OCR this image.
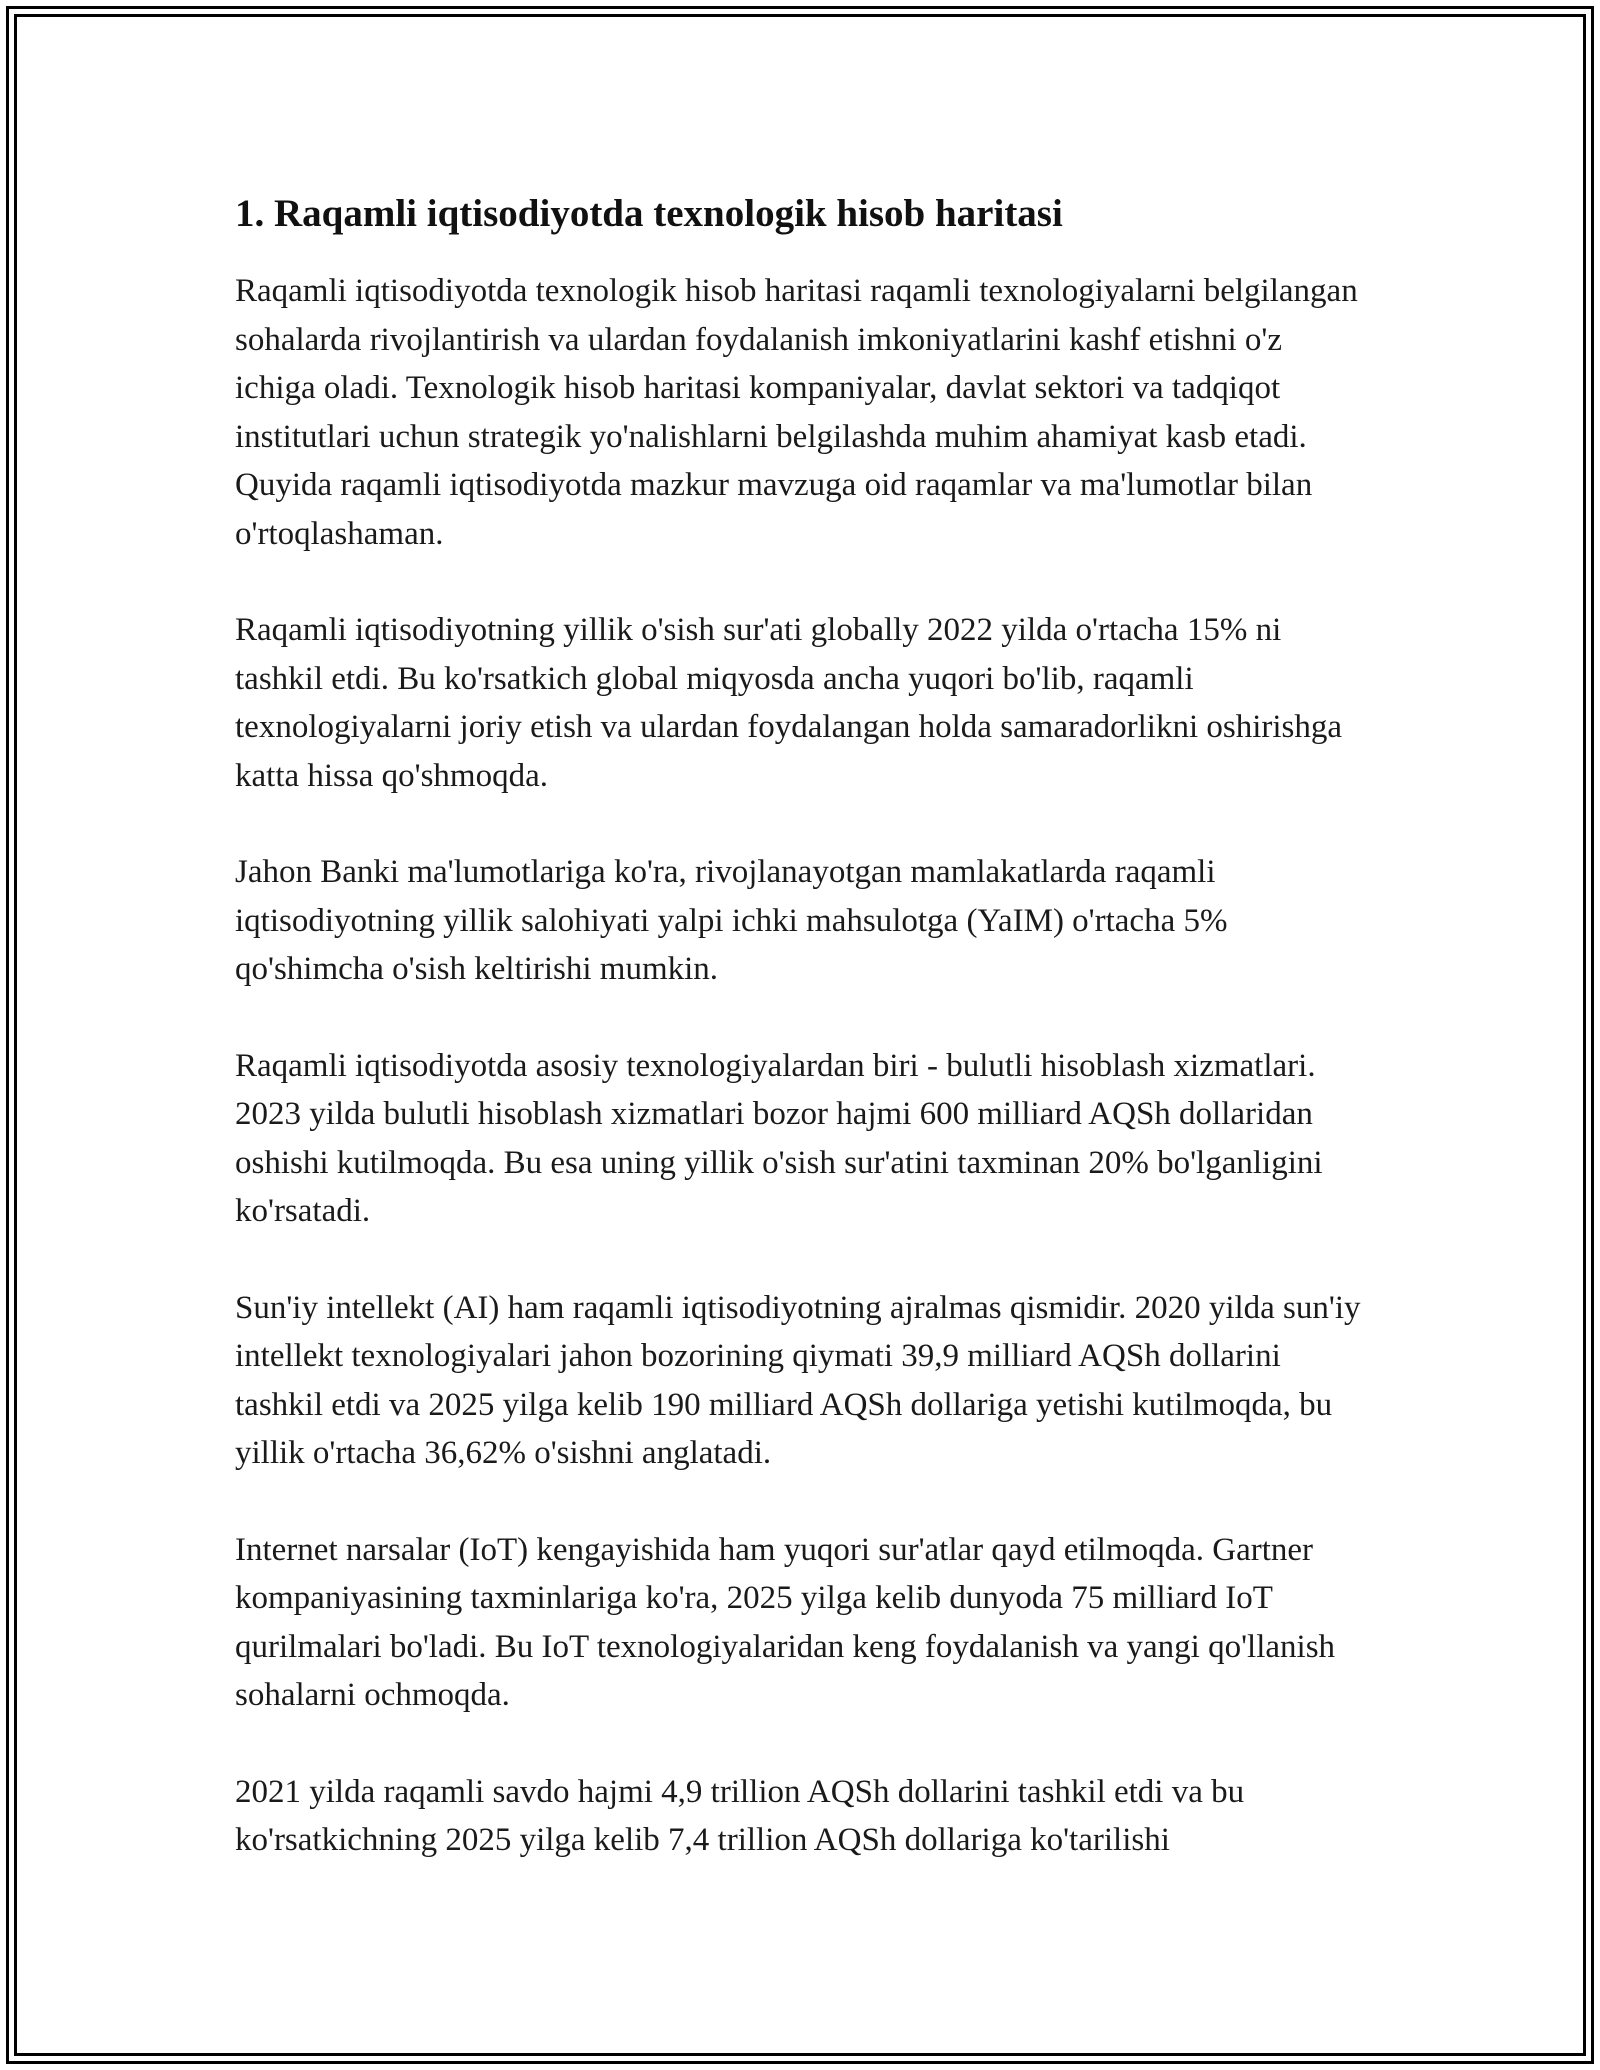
1. Raqamli iqtisodiyotda texnologik hisob haritasi

Raqamli iqtisodiyotda texnologik hisob haritasi raqamli texnologiyalarni belgilangan sohalarda rivojlantirish va ulardan foydalanish imkoniyatlarini kashf etishni o'z ichiga oladi. Texnologik hisob haritasi kompaniyalar, davlat sektori va tadqiqot institutlari uchun strategik yo'nalishlarni belgilashda muhim ahamiyat kasb etadi. Quyida raqamli iqtisodiyotda mazkur mavzuga oid raqamlar va ma'lumotlar bilan o'rtoqlashaman.

Raqamli iqtisodiyotning yillik o'sish sur'ati globally 2022 yilda o'rtacha 15% ni tashkil etdi. Bu ko'rsatkich global miqyosda ancha yuqori bo'lib, raqamli texnologiyalarni joriy etish va ulardan foydalangan holda samaradorlikni oshirishga katta hissa qo'shmoqda.

Jahon Banki ma'lumotlariga ko'ra, rivojlanayotgan mamlakatlarda raqamli iqtisodiyotning yillik salohiyati yalpi ichki mahsulotga (YaIM) o'rtacha 5% qo'shimcha o'sish keltirishi mumkin.

Raqamli iqtisodiyotda asosiy texnologiyalardan biri - bulutli hisoblash xizmatlari. 2023 yilda bulutli hisoblash xizmatlari bozor hajmi 600 milliard AQSh dollaridan oshishi kutilmoqda. Bu esa uning yillik o'sish sur'atini taxminan 20% bo'lganligini ko'rsatadi.

Sun'iy intellekt (AI) ham raqamli iqtisodiyotning ajralmas qismidir. 2020 yilda sun'iy intellekt texnologiyalari jahon bozorining qiymati 39,9 milliard AQSh dollarini tashkil etdi va 2025 yilga kelib 190 milliard AQSh dollariga yetishi kutilmoqda, bu yillik o'rtacha 36,62% o'sishni anglatadi.

Internet narsalar (IoT) kengayishida ham yuqori sur'atlar qayd etilmoqda. Gartner kompaniyasining taxminlariga ko'ra, 2025 yilga kelib dunyoda 75 milliard IoT qurilmalari bo'ladi. Bu IoT texnologiyalaridan keng foydalanish va yangi qo'llanish sohalarni ochmoqda.

2021 yilda raqamli savdo hajmi 4,9 trillion AQSh dollarini tashkil etdi va bu ko'rsatkichning 2025 yilga kelib 7,4 trillion AQSh dollariga ko'tarilishi
